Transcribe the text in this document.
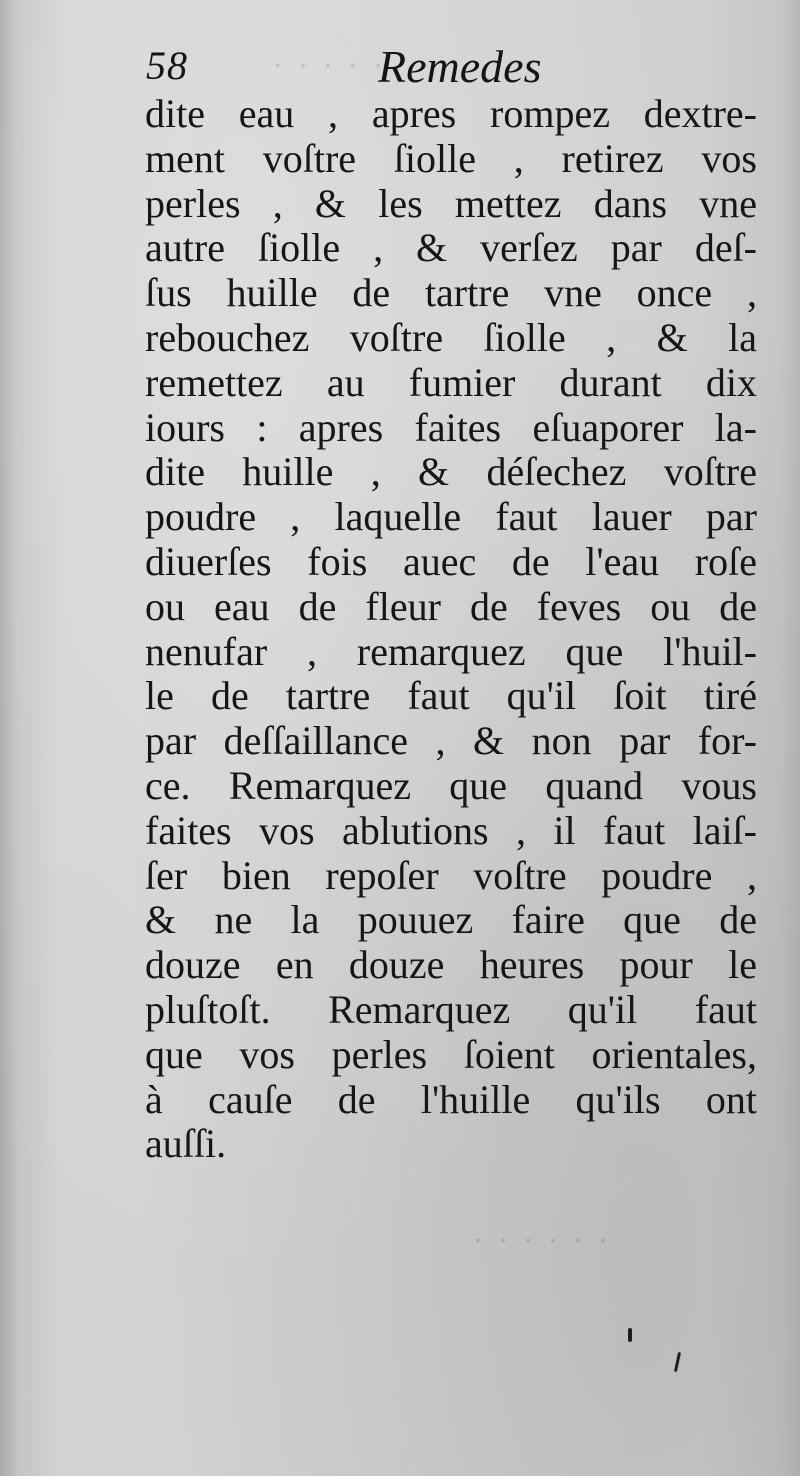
. . . . .
. . . . . .
58	Remedes
dite eau , apres rompez dextre-
ment voſtre ſiolle , retirez vos
perles , & les mettez dans vne
autre ſiolle , & verſez par deſ-
ſus huille de tartre vne once ,
rebouchez voſtre ſiolle , & la
remettez au fumier durant dix
iours : apres faites eſuaporer la-
dite huille , & déſechez voſtre
poudre , laquelle faut lauer par
diuerſes fois auec de l'eau roſe
ou eau de fleur de feves ou de
nenufar , remarquez que l'huil-
le de tartre faut qu'il ſoit tiré
par deſſaillance , & non par for-
ce. Remarquez que quand vous
faites vos ablutions , il faut laiſ-
ſer bien repoſer voſtre poudre ,
& ne la pouuez faire que de
douze en douze heures pour le
pluſtoſt. Remarquez qu'il faut
que vos perles ſoient orientales,
à cauſe de l'huille qu'ils ont
auſſi.
